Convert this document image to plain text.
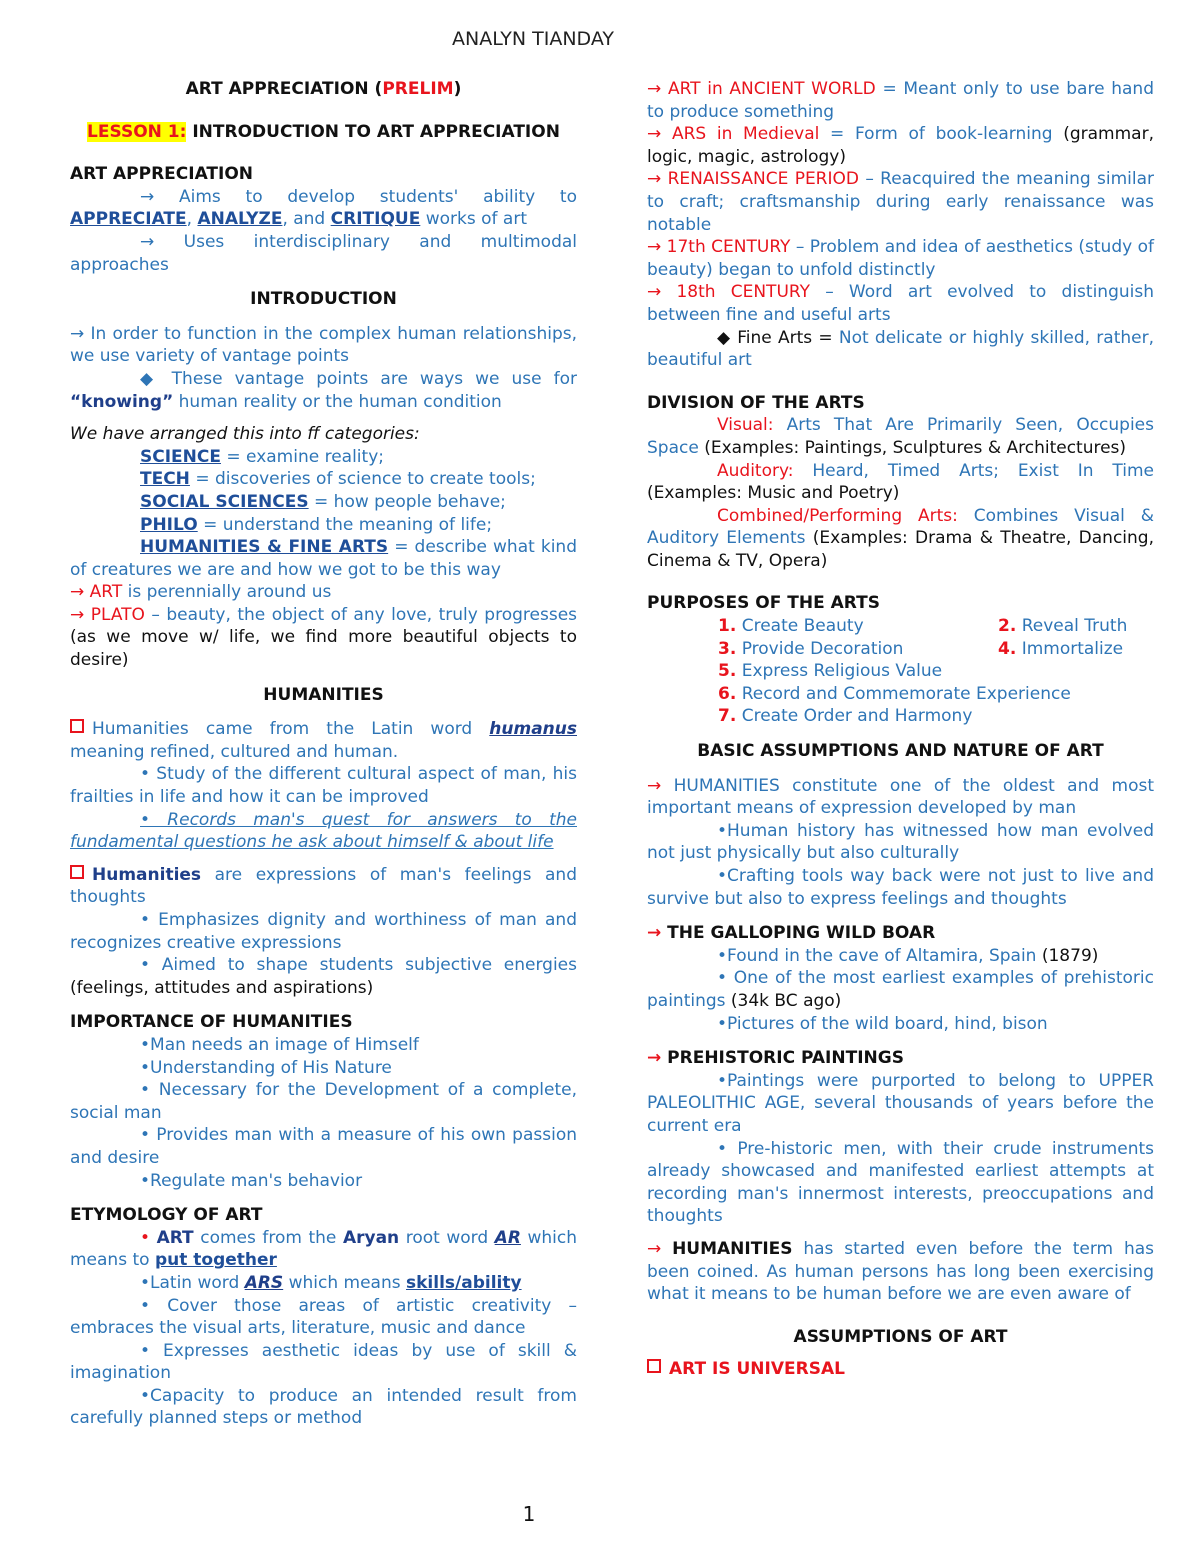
ANALYN TIANDAY

ART APPRECIATION (PRELIM)

LESSON 1: INTRODUCTION TO ART APPRECIATION

ART APPRECIATION

→ Aims to develop students' ability to APPRECIATE, ANALYZE, and CRITIQUE works of art

→ Uses interdisciplinary and multimodal approaches

INTRODUCTION

→ In order to function in the complex human relationships, we use variety of vantage points

◆ These vantage points are ways we use for “knowing” human reality or the human condition

We have arranged this into ff categories:

SCIENCE = examine reality;

TECH = discoveries of science to create tools;

SOCIAL SCIENCES = how people behave;

PHILO = understand the meaning of life;

HUMANITIES & FINE ARTS = describe what kind of creatures we are and how we got to be this way

→ ART is perennially around us

→ PLATO – beauty, the object of any love, truly progresses (as we move w/ life, we find more beautiful objects to desire)

HUMANITIES

Humanities came from the Latin word humanus meaning refined, cultured and human.

• Study of the different cultural aspect of man, his frailties in life and how it can be improved

• Records man's quest for answers to the fundamental questions he ask about himself & about life

Humanities are expressions of man's feelings and thoughts

• Emphasizes dignity and worthiness of man and recognizes creative expressions

• Aimed to shape students subjective energies (feelings, attitudes and aspirations)

IMPORTANCE OF HUMANITIES

•Man needs an image of Himself

•Understanding of His Nature

• Necessary for the Development of a complete, social man

• Provides man with a measure of his own passion and desire

•Regulate man's behavior

ETYMOLOGY OF ART

• ART comes from the Aryan root word AR which means to put together

•Latin word ARS which means skills/ability

• Cover those areas of artistic creativity – embraces the visual arts, literature, music and dance

• Expresses aesthetic ideas by use of skill & imagination

•Capacity to produce an intended result from carefully planned steps or method

→ ART in ANCIENT WORLD = Meant only to use bare hand to produce something

→ ARS in Medieval = Form of book-learning (grammar, logic, magic, astrology)

→ RENAISSANCE PERIOD – Reacquired the meaning similar to craft; craftsmanship during early renaissance was notable

→ 17th CENTURY – Problem and idea of aesthetics (study of beauty) began to unfold distinctly

→ 18th CENTURY – Word art evolved to distinguish between fine and useful arts

◆ Fine Arts = Not delicate or highly skilled, rather, beautiful art

DIVISION OF THE ARTS

Visual: Arts That Are Primarily Seen, Occupies Space (Examples: Paintings, Sculptures & Architectures)

Auditory: Heard, Timed Arts; Exist In Time (Examples: Music and Poetry)

Combined/Performing Arts: Combines Visual & Auditory Elements (Examples: Drama & Theatre, Dancing, Cinema & TV, Opera)

PURPOSES OF THE ARTS

1. Create Beauty	2. Reveal Truth
3. Provide Decoration	4. Immortalize

5. Express Religious Value

6. Record and Commemorate Experience

7. Create Order and Harmony

BASIC ASSUMPTIONS AND NATURE OF ART

→ HUMANITIES constitute one of the oldest and most important means of expression developed by man

•Human history has witnessed how man evolved not just physically but also culturally

•Crafting tools way back were not just to live and survive but also to express feelings and thoughts

→ THE GALLOPING WILD BOAR

•Found in the cave of Altamira, Spain (1879)

• One of the most earliest examples of prehistoric paintings (34k BC ago)

•Pictures of the wild board, hind, bison

→ PREHISTORIC PAINTINGS

•Paintings were purported to belong to UPPER PALEOLITHIC AGE, several thousands of years before the current era

• Pre-historic men, with their crude instruments already showcased and manifested earliest attempts at recording man's innermost interests, preoccupations and thoughts

→ HUMANITIES has started even before the term has been coined. As human persons has long been exercising what it means to be human before we are even aware of

ASSUMPTIONS OF ART

ART IS UNIVERSAL

1
